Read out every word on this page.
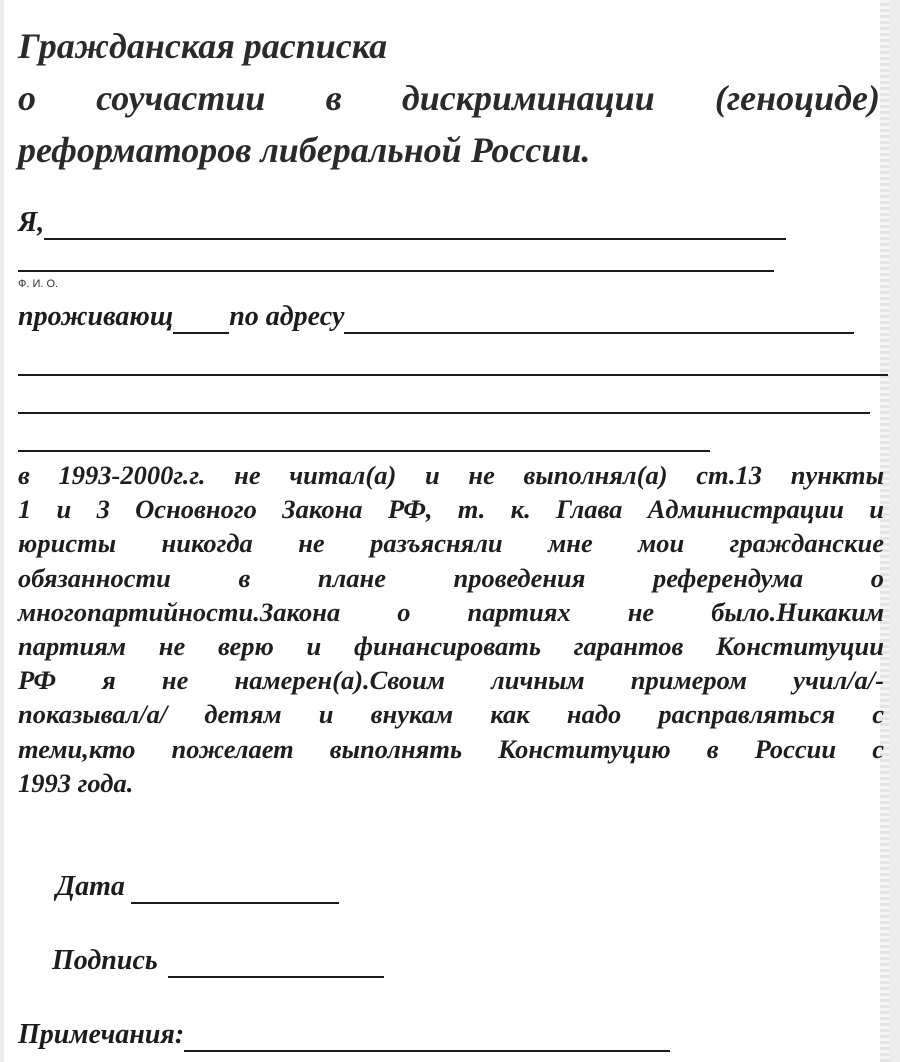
Гражданская расписка
о соучастии в дискриминации (геноциде)
реформаторов либеральной России.
Я,
Ф. И. О.
проживающ по адресу

в 1993-2000г.г. не читал(а) и не выполнял(а) ст.13 пункты
1 и 3 Основного Закона РФ, т. к. Глава Администрации и
юристы никогда не разъясняли мне мои гражданские
обязанности в плане проведения референдума о
многопартийности.Закона о партиях не было.Никаким
партиям не верю и финансировать гарантов Конституции
РФ я не намерен(а).Своим личным примером учил/а/-
показывал/а/ детям и внукам как надо расправляться с
теми,кто пожелает выполнять Конституцию в России с
1993 года.

Дата
Подпись
Примечания:
